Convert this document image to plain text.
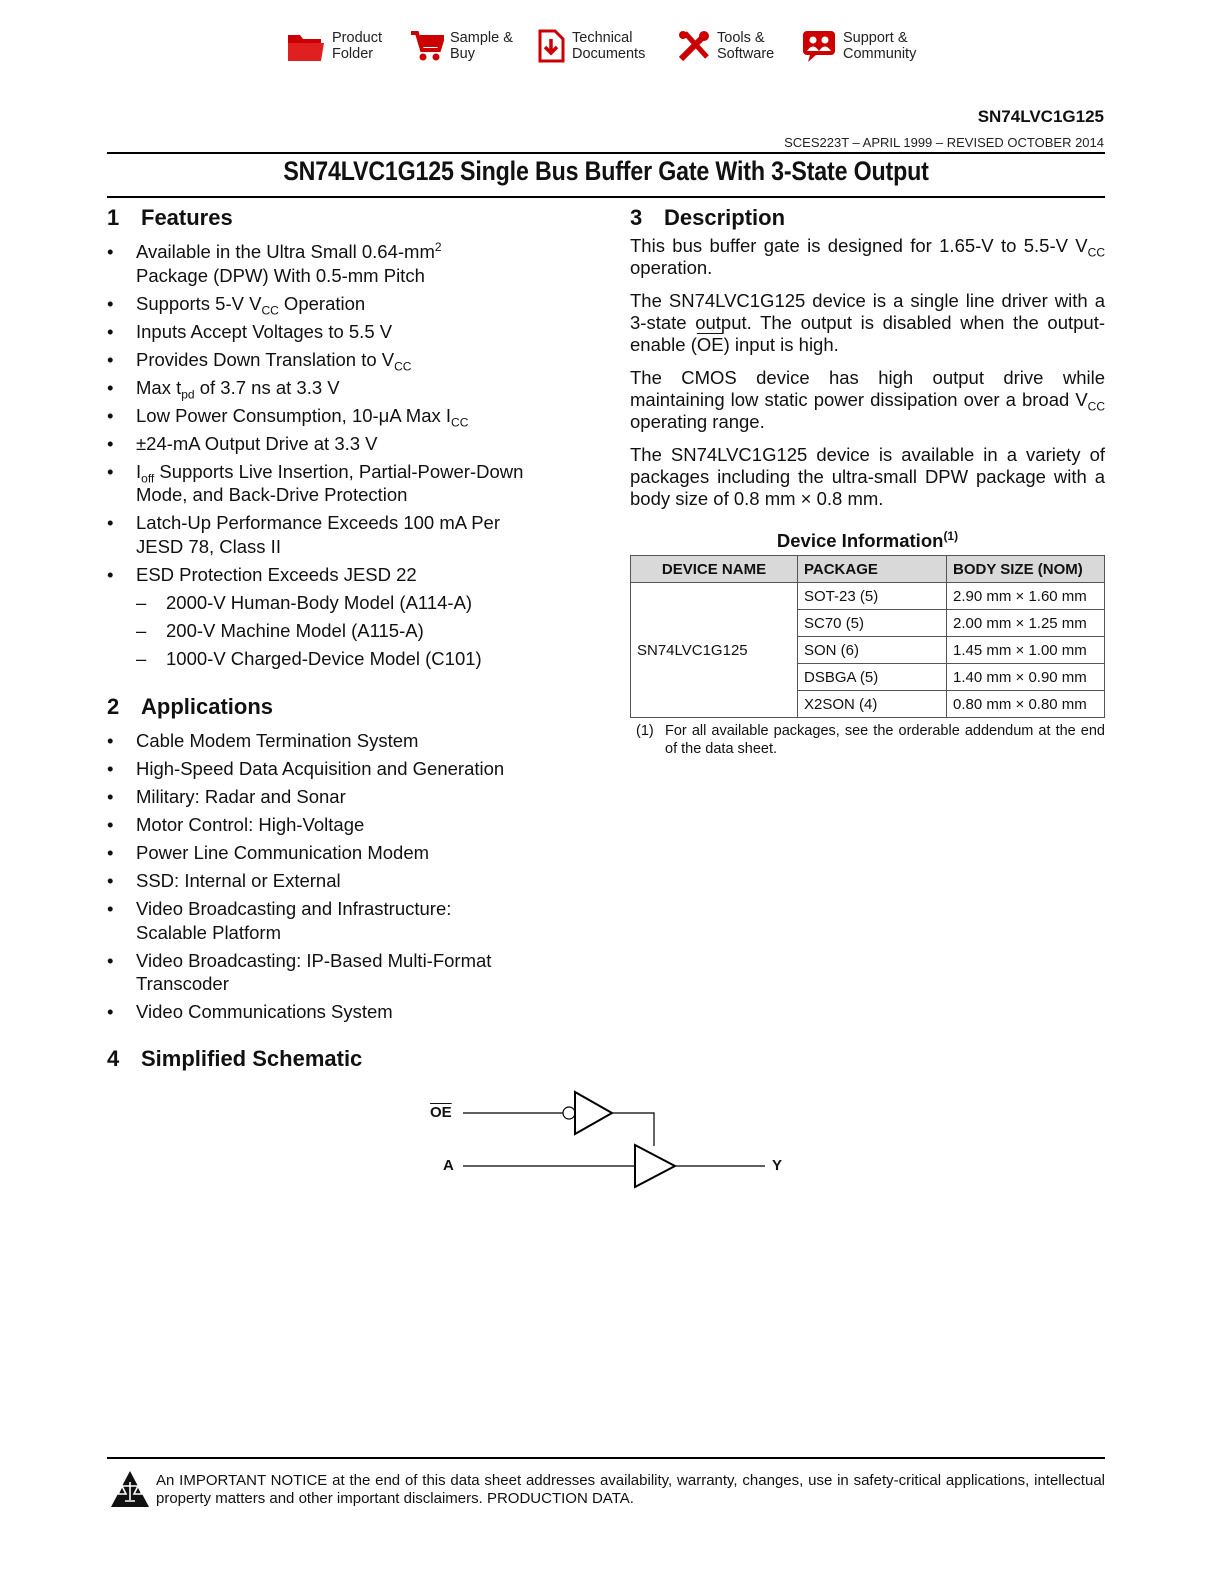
Product
Folder
Sample &
Buy
Technical
Documents
Tools &
Software
Support &
Community
SN74LVC1G125
SCES223T – APRIL 1999 – REVISED OCTOBER 2014
SN74LVC1G125 Single Bus Buffer Gate With 3-State Output
1 Features
• Available in the Ultra Small $0.64-mm^2$
Package (DPW) With 0.5-mm Pitch
• Supports 5-V $V_{CC}$ Operation
• Inputs Accept Voltages to 5.5 V
• Provides Down Translation to $V_{CC}$
• Max $t_{pd}$ of 3.7 ns at 3.3 V
• Low Power Consumption, 10-μA Max $I_{CC}$
• ±24-mA Output Drive at 3.3 V
• $I_{off}$ Supports Live Insertion, Partial-Power-Down Mode, and Back-Drive Protection
• Latch-Up Performance Exceeds 100 mA Per JESD 78, Class II
• ESD Protection Exceeds JESD 22
– 2000-V Human-Body Model (A114-A)
– 200-V Machine Model (A115-A)
– 1000-V Charged-Device Model (C101)
2 Applications
• Cable Modem Termination System
• High-Speed Data Acquisition and Generation
• Military: Radar and Sonar
• Motor Control: High-Voltage
• Power Line Communication Modem
• SSD: Internal or External
• Video Broadcasting and Infrastructure: Scalable Platform
• Video Broadcasting: IP-Based Multi-Format Transcoder
• Video Communications System
3 Description

This bus buffer gate is designed for 1.65-V to 5.5-V $V_{CC}$ operation.

The SN74LVC1G125 device is a single line driver with a 3-state output. The output is disabled when the output-enable $(\overline{OE})$ input is high.

The CMOS device has high output drive while maintaining low static power dissipation over a broad $V_{CC}$ operating range.

The SN74LVC1G125 device is available in a variety of packages including the ultra-small DPW package with a body size of 0.8 mm × 0.8 mm.

Device Information$^{(1)}$
DEVICE NAME	PACKAGE	BODY SIZE (NOM)
SN74LVC1G125	SOT-23 (5)	2.90 mm × 1.60 mm
	SC70 (5)	2.00 mm × 1.25 mm
	SON (6)	1.45 mm × 1.00 mm
	DSBGA (5)	1.40 mm × 0.90 mm
	X2SON (4)	0.80 mm × 0.80 mm
(1) For all available packages, see the orderable addendum at the end of the data sheet.
4 Simplified Schematic
$\overline{OE}$
A	Y
An IMPORTANT NOTICE at the end of this data sheet addresses availability, warranty, changes, use in safety-critical applications, intellectual property matters and other important disclaimers. PRODUCTION DATA.
